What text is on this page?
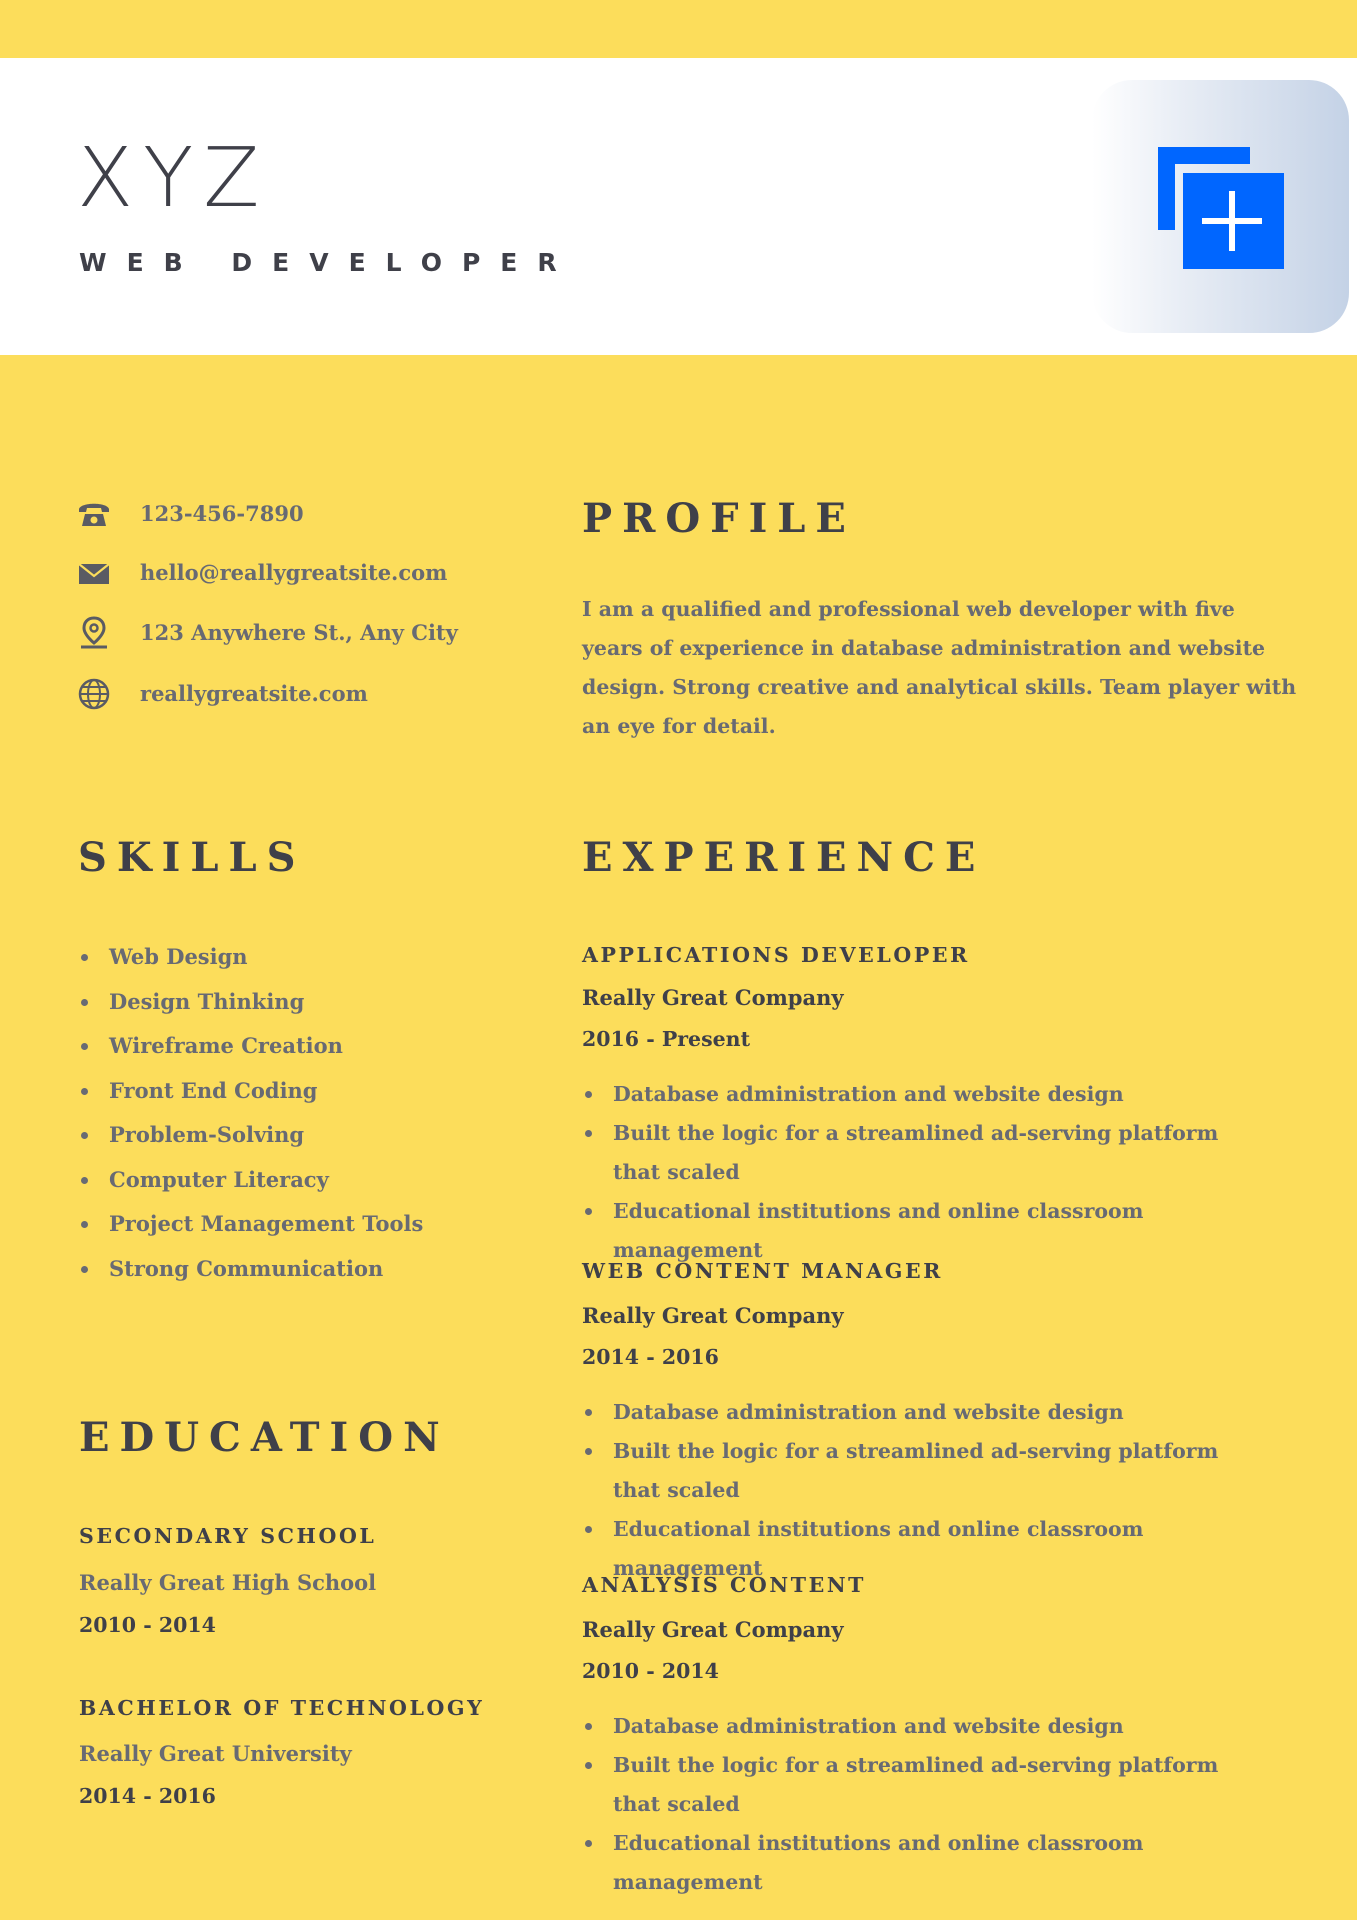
XYZ
WEB DEVELOPER
123-456-7890
hello@reallygreatsite.com
123 Anywhere St., Any City
reallygreatsite.com
PROFILE

I am a qualified and professional web developer with five years of experience in database administration and website design. Strong creative and analytical skills. Team player with an eye for detail.

SKILLS
Web Design
Design Thinking
Wireframe Creation
Front End Coding
Problem-Solving
Computer Literacy
Project Management Tools
Strong Communication
EDUCATION

SECONDARY SCHOOL

Really Great High School

2010 - 2014

BACHELOR OF TECHNOLOGY

Really Great University

2014 - 2016

EXPERIENCE

APPLICATIONS DEVELOPER

Really Great Company

2016 - Present

Database administration and website design
Built the logic for a streamlined ad-serving platform that scaled
Educational institutions and online classroom management

WEB CONTENT MANAGER

Really Great Company

2014 - 2016

Database administration and website design
Built the logic for a streamlined ad-serving platform that scaled
Educational institutions and online classroom management

ANALYSIS CONTENT

Really Great Company

2010 - 2014

Database administration and website design
Built the logic for a streamlined ad-serving platform that scaled
Educational institutions and online classroom management
